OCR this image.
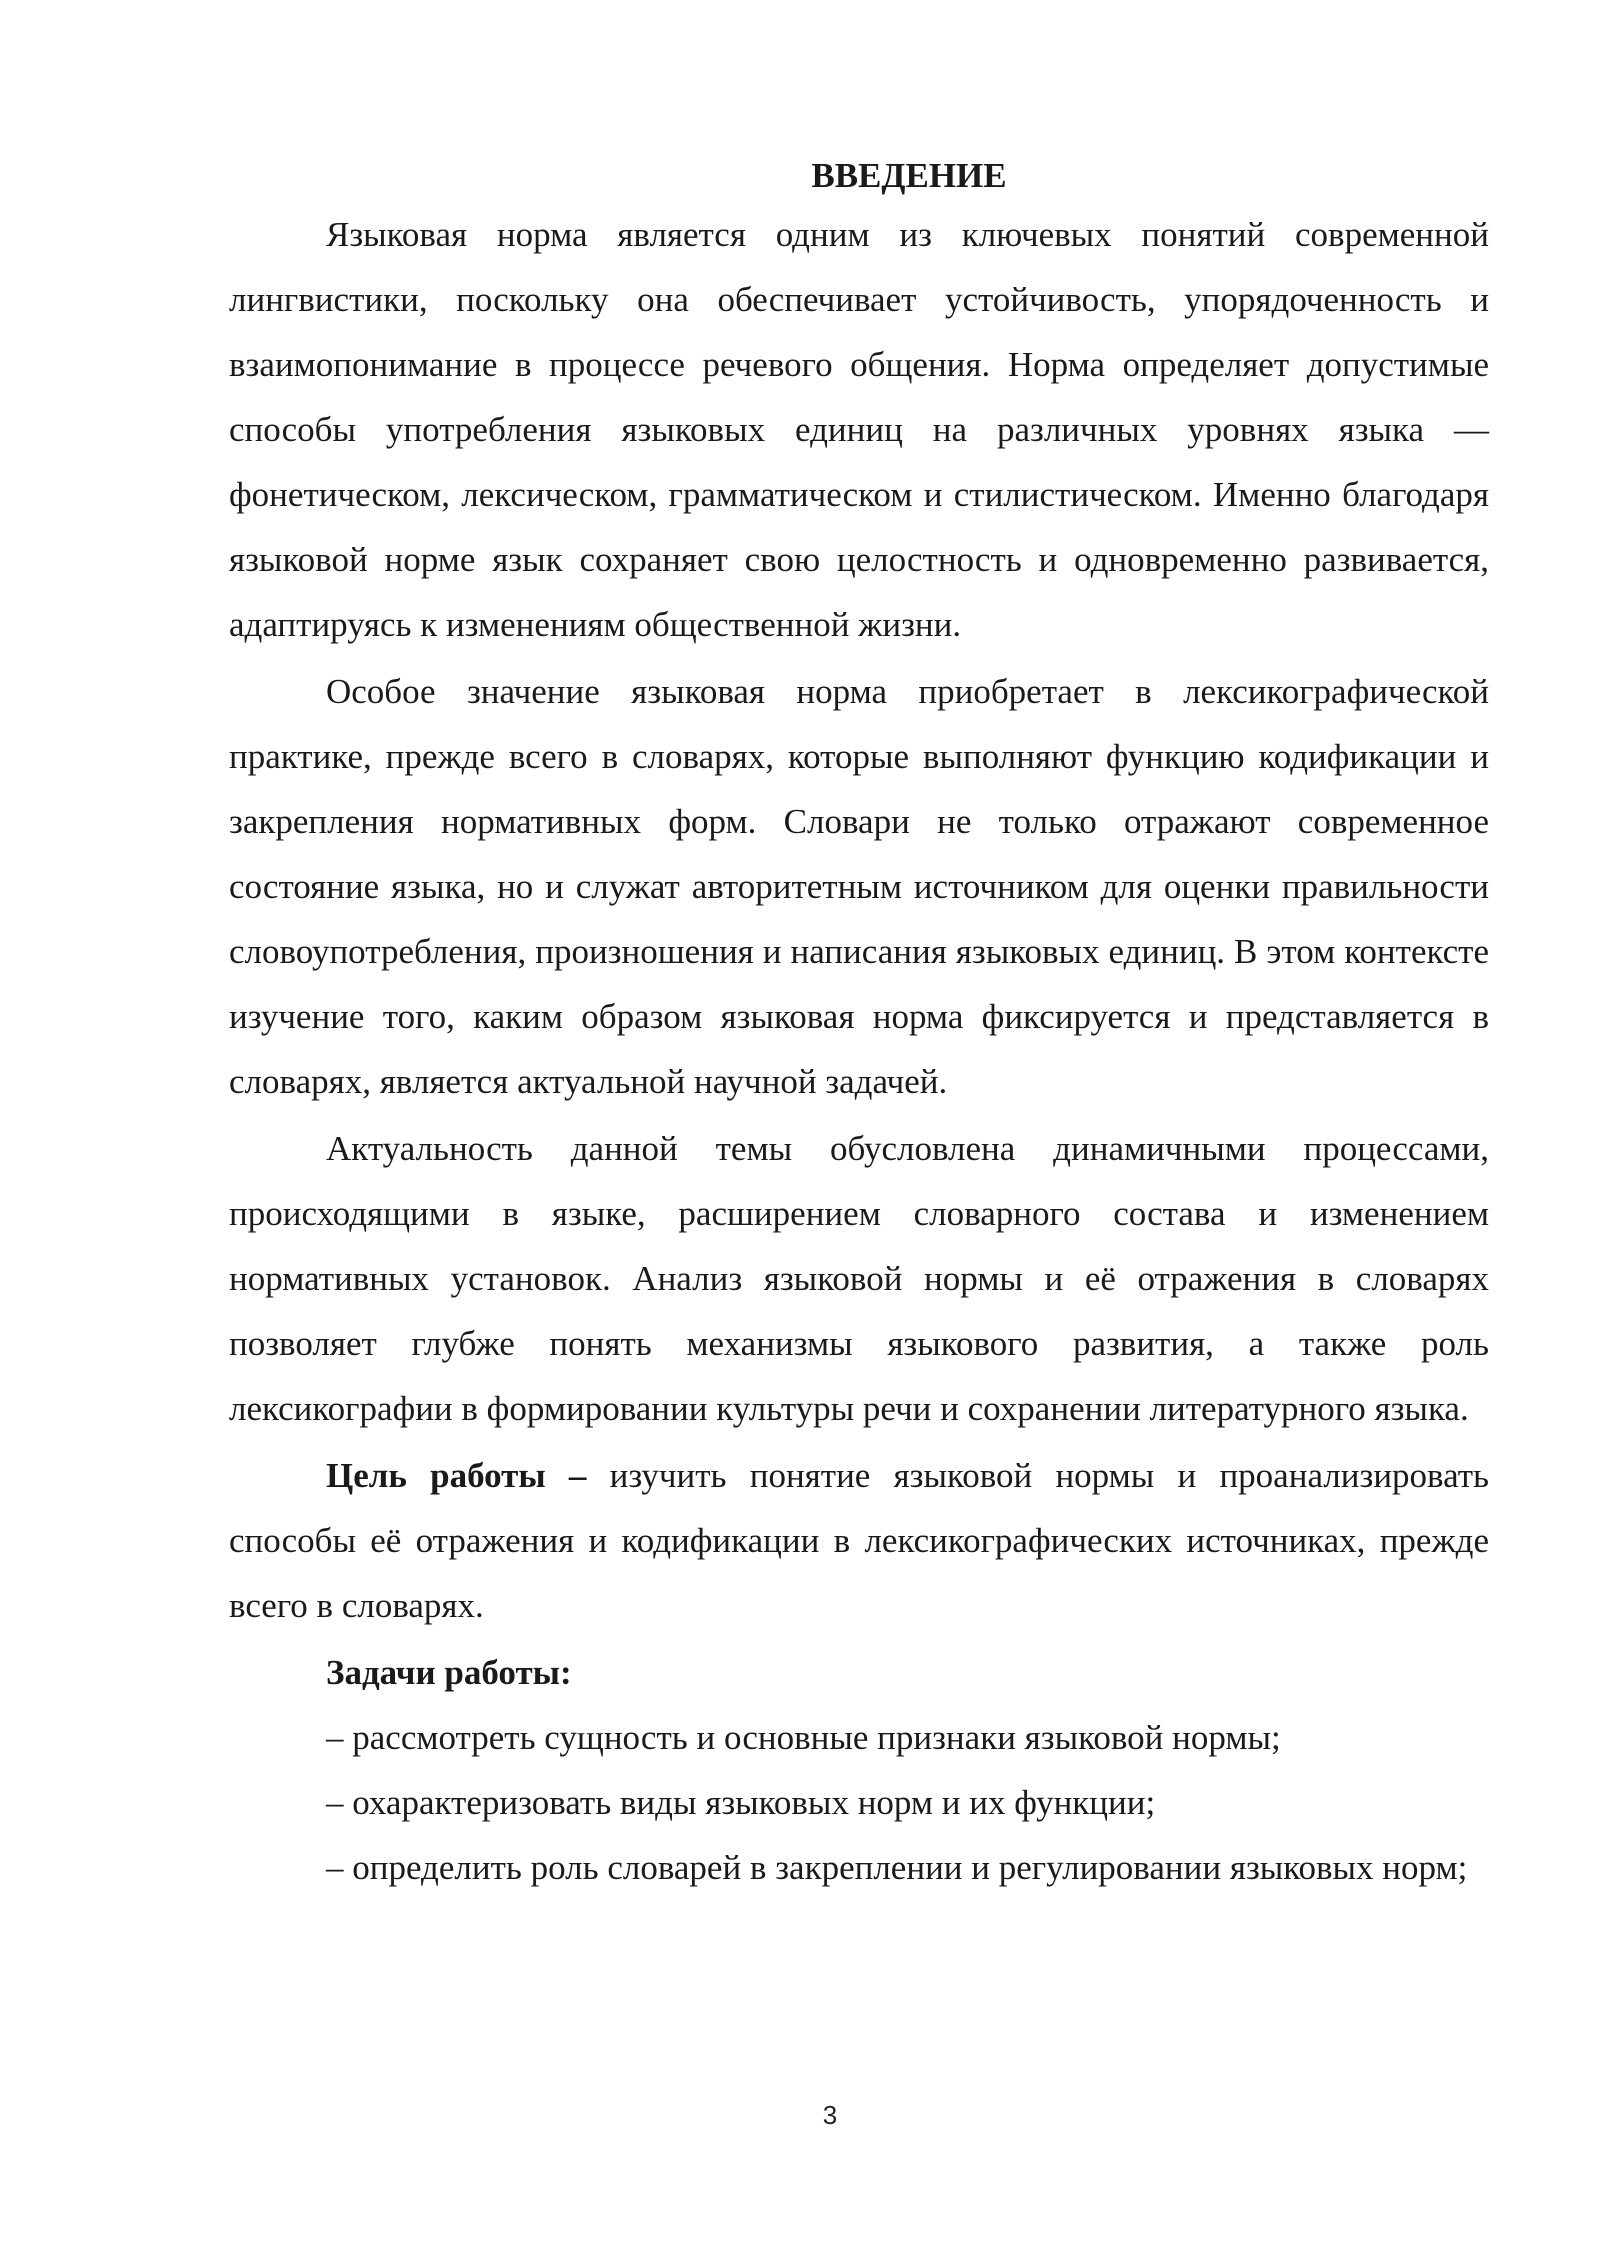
ВВЕДЕНИЕ

Языковая норма является одним из ключевых понятий современной лингвистики, поскольку она обеспечивает устойчивость, упорядоченность и взаимопонимание в процессе речевого общения. Норма определяет допустимые способы употребления языковых единиц на различных уровнях языка — фонетическом, лексическом, грамматическом и стилистическом. Именно благодаря языковой норме язык сохраняет свою целостность и одновременно развивается, адаптируясь к изменениям общественной жизни.

Особое значение языковая норма приобретает в лексикографической практике, прежде всего в словарях, которые выполняют функцию кодификации и закрепления нормативных форм. Словари не только отражают современное состояние языка, но и служат авторитетным источником для оценки правильности словоупотребления, произношения и написания языковых единиц. В этом контексте изучение того, каким образом языковая норма фиксируется и представляется в словарях, является актуальной научной задачей.

Актуальность данной темы обусловлена динамичными процессами, происходящими в языке, расширением словарного состава и изменением нормативных установок. Анализ языковой нормы и её отражения в словарях позволяет глубже понять механизмы языкового развития, а также роль лексикографии в формировании культуры речи и сохранении литературного языка.

Цель работы – изучить понятие языковой нормы и проанализировать способы её отражения и кодификации в лексикографических источниках, прежде всего в словарях.

Задачи работы:

– рассмотреть сущность и основные признаки языковой нормы;

– охарактеризовать виды языковых норм и их функции;

– определить роль словарей в закреплении и регулировании языковых норм;

3
